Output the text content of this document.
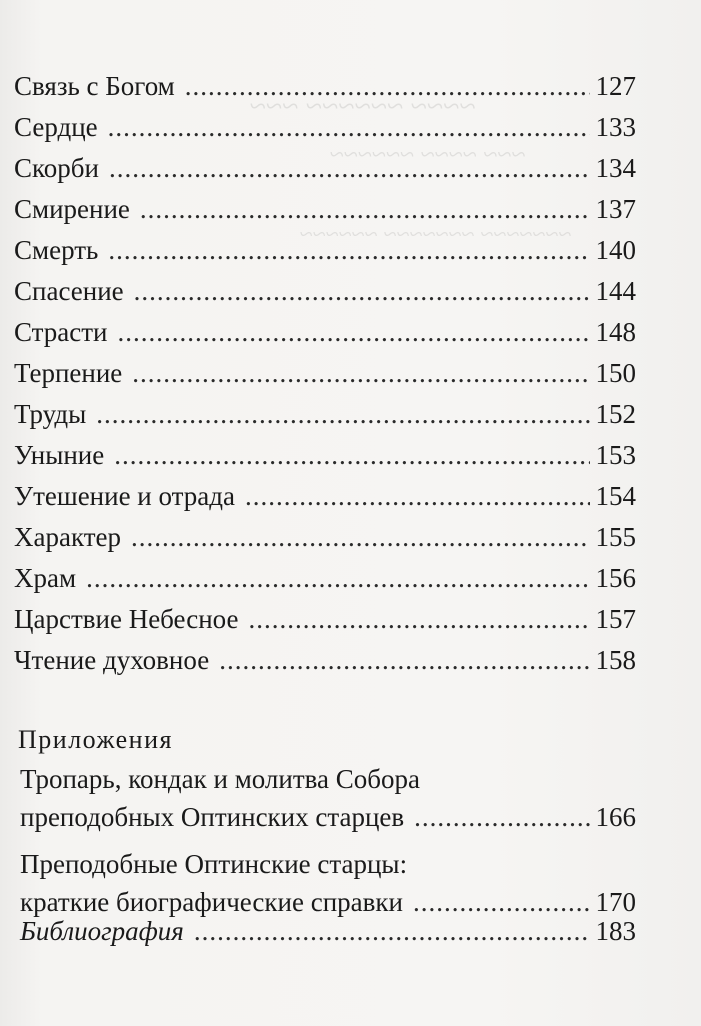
~~~~ ~~~~~~ ~~~
~~~ ~~~~ ~~~~~~
~~~~~~~ ~~~~~~~ ~~~~~~
Связь с Богом .....	127
Сердце .....	133
Скорби .....	134
Смирение .....	137
Смерть .....	140
Спасение .....	144
Страсти .....	148
Терпение .....	150
Труды .....	152
Уныние .....	153
Утешение и отрада .....	154
Характер .....	155
Храм .....	156
Царствие Небесное .....	157
Чтение духовное .....	158
Приложения
Тропарь, кондак и молитва Собора
преподобных Оптинских старцев .....	166
Преподобные Оптинские старцы:
краткие биографические справки .....	170
Библиография .....	183
